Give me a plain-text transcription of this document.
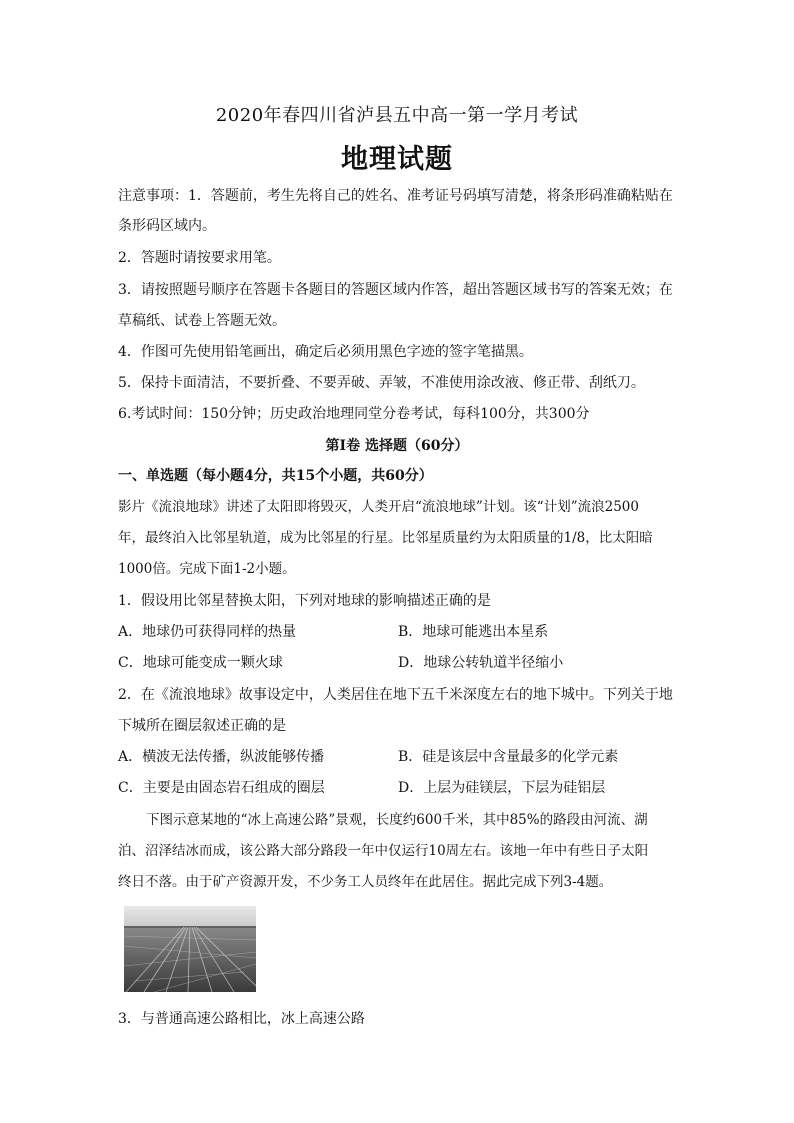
2020年春四川省泸县五中高一第一学月考试
地理试题
注意事项：1．答题前，考生先将自己的姓名、准考证号码填写清楚，将条形码准确粘贴在
条形码区域内。
2．答题时请按要求用笔。
3．请按照题号顺序在答题卡各题目的答题区域内作答，超出答题区域书写的答案无效；在
草稿纸、试卷上答题无效。
4．作图可先使用铅笔画出，确定后必须用黑色字迹的签字笔描黑。
5．保持卡面清洁，不要折叠、不要弄破、弄皱，不准使用涂改液、修正带、刮纸刀。
6.考试时间：150分钟；历史政治地理同堂分卷考试，每科100分，共300分
第Ⅰ卷 选择题（60分）
一、单选题（每小题4分，共15个小题，共60分）
影片《流浪地球》讲述了太阳即将毁灭，人类开启“流浪地球”计划。该“计划”流浪2500
年，最终泊入比邻星轨道，成为比邻星的行星。比邻星质量约为太阳质量的1/8，比太阳暗
1000倍。完成下面1-2小题。
1．假设用比邻星替换太阳，下列对地球的影响描述正确的是
A．地球仍可获得同样的热量	B．地球可能逃出本星系
C．地球可能变成一颗火球	D．地球公转轨道半径缩小
2．在《流浪地球》故事设定中，人类居住在地下五千米深度左右的地下城中。下列关于地
下城所在圈层叙述正确的是
A．横波无法传播，纵波能够传播	B．硅是该层中含量最多的化学元素
C．主要是由固态岩石组成的圈层	D．上层为硅镁层，下层为硅铝层
下图示意某地的“冰上高速公路”景观，长度约600千米，其中85%的路段由河流、湖
泊、沼泽结冰而成，该公路大部分路段一年中仅运行10周左右。该地一年中有些日子太阳
终日不落。由于矿产资源开发，不少务工人员终年在此居住。据此完成下列3-4题。
3．与普通高速公路相比，冰上高速公路
